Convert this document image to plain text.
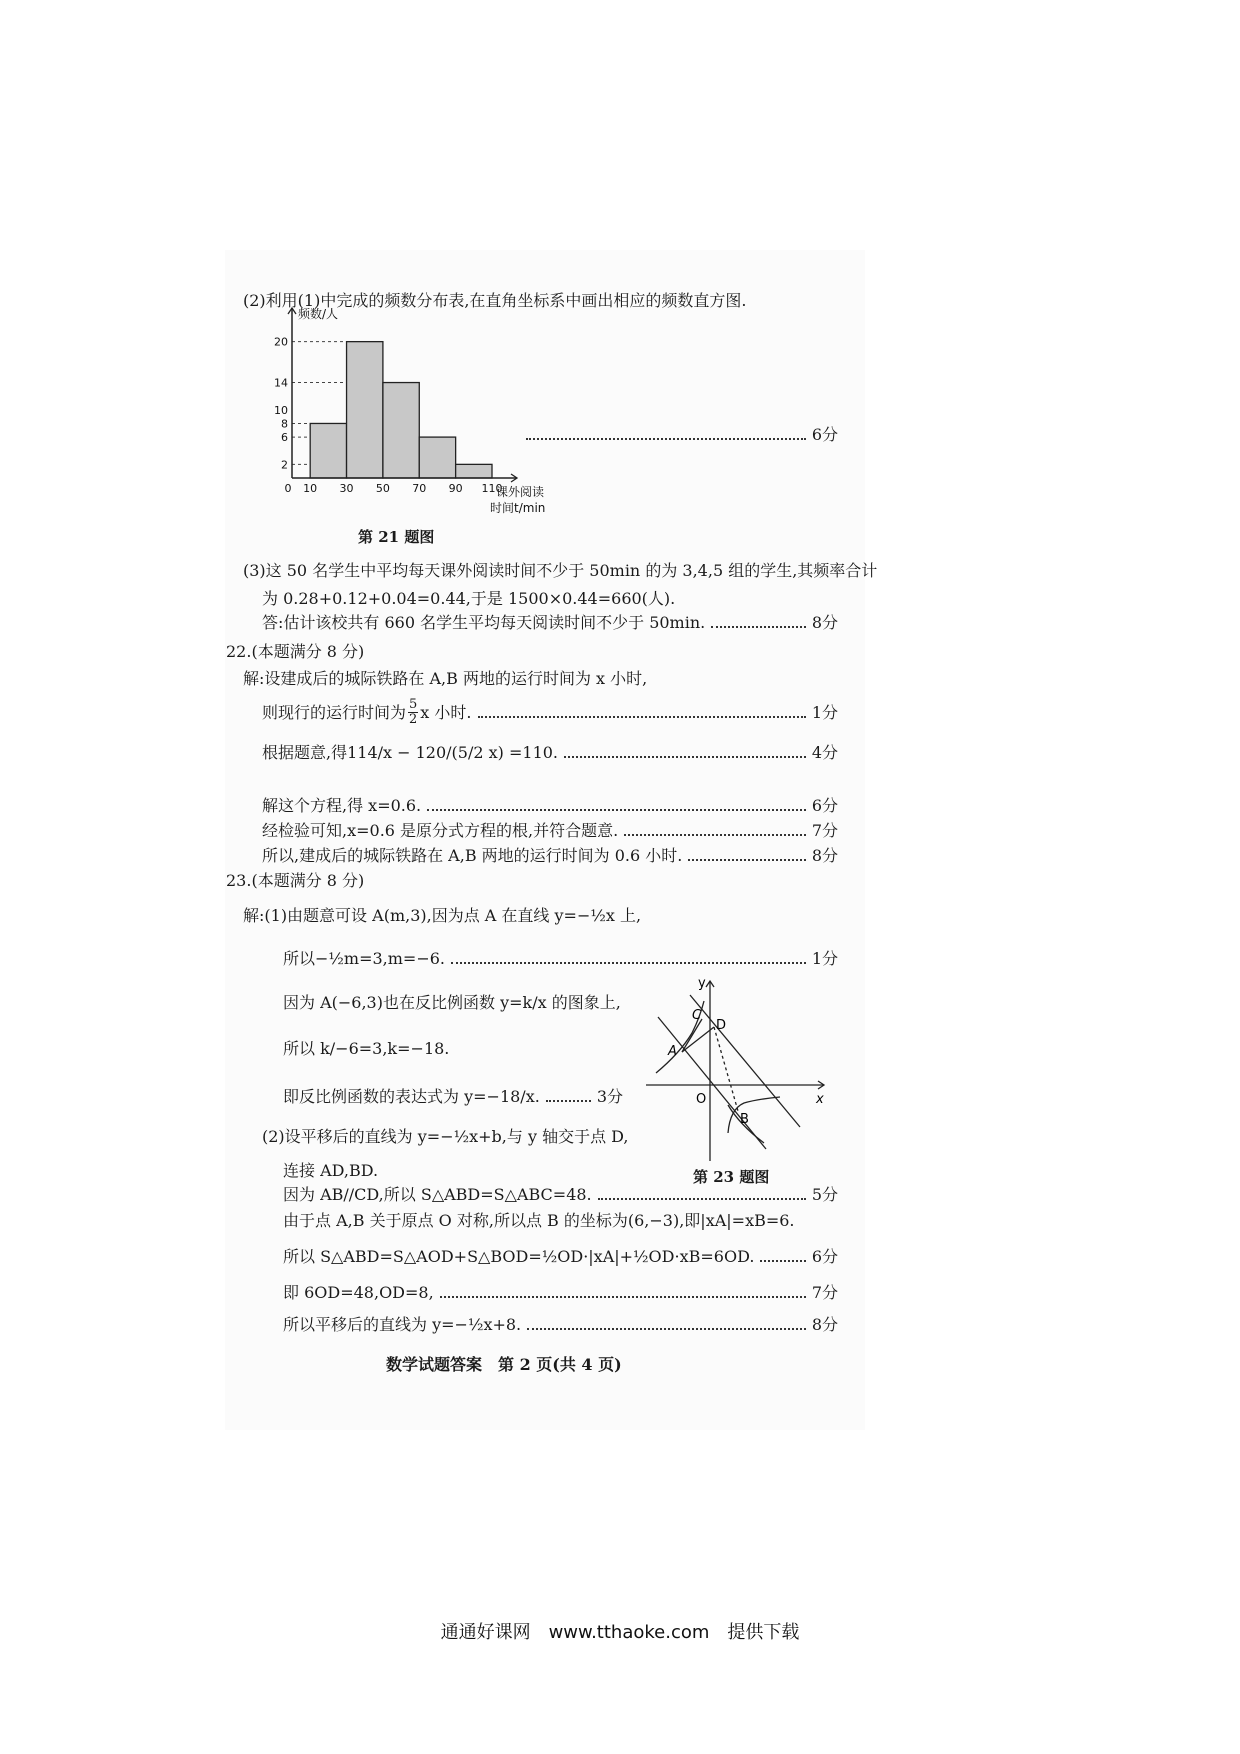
(2)利用(1)中完成的频数分布表,在直角坐标系中画出相应的频数直方图.
2
6
8
10
14
20
0 10 30 50 70 90 110
频数/人
课外阅读
时间t/min
6分
第 21 题图
(3)这 50 名学生中平均每天课外阅读时间不少于 50min 的为 3,4,5 组的学生,其频率合计
为 0.28+0.12+0.04=0.44,于是 1500×0.44=660(人).
答:估计该校共有 660 名学生平均每天阅读时间不少于 50min.	8分
22.(本题满分 8 分)
解:设建成后的城际铁路在 A,B 两地的运行时间为 x 小时,
则现行的运行时间为 $\frac{5}{2}$ x 小时.	1分
根据题意,得 114/x − 120/(5/2 x) =110.	4分
解这个方程,得 x=0.6.	6分
经检验可知,x=0.6 是原分式方程的根,并符合题意.	7分
所以,建成后的城际铁路在 A,B 两地的运行时间为 0.6 小时.	8分
23.(本题满分 8 分)
解:(1)由题意可设 A(m,3),因为点 A 在直线 y=−½x 上,
所以−½m=3,m=−6.	1分
因为 A(−6,3)也在反比例函数 y=k/x 的图象上,
所以 k/−6=3,k=−18.
即反比例函数的表达式为 y=−18/x.	3分
y
x
O
A
B
C
D
第 23 题图
(2)设平移后的直线为 y=−½x+b,与 y 轴交于点 D,
连接 AD,BD.
因为 AB//CD,所以 S△ABD=S△ABC=48.	5分
由于点 A,B 关于原点 O 对称,所以点 B 的坐标为(6,−3),即|xA|=xB=6.
所以 S△ABD=S△AOD+S△BOD=½OD·|xA|+½OD·xB=6OD.	6分
即 6OD=48,OD=8,	7分
所以平移后的直线为 y=−½x+8.	8分
数学试题答案　第 2 页(共 4 页)
通通好课网　www.tthaoke.com　提供下载
